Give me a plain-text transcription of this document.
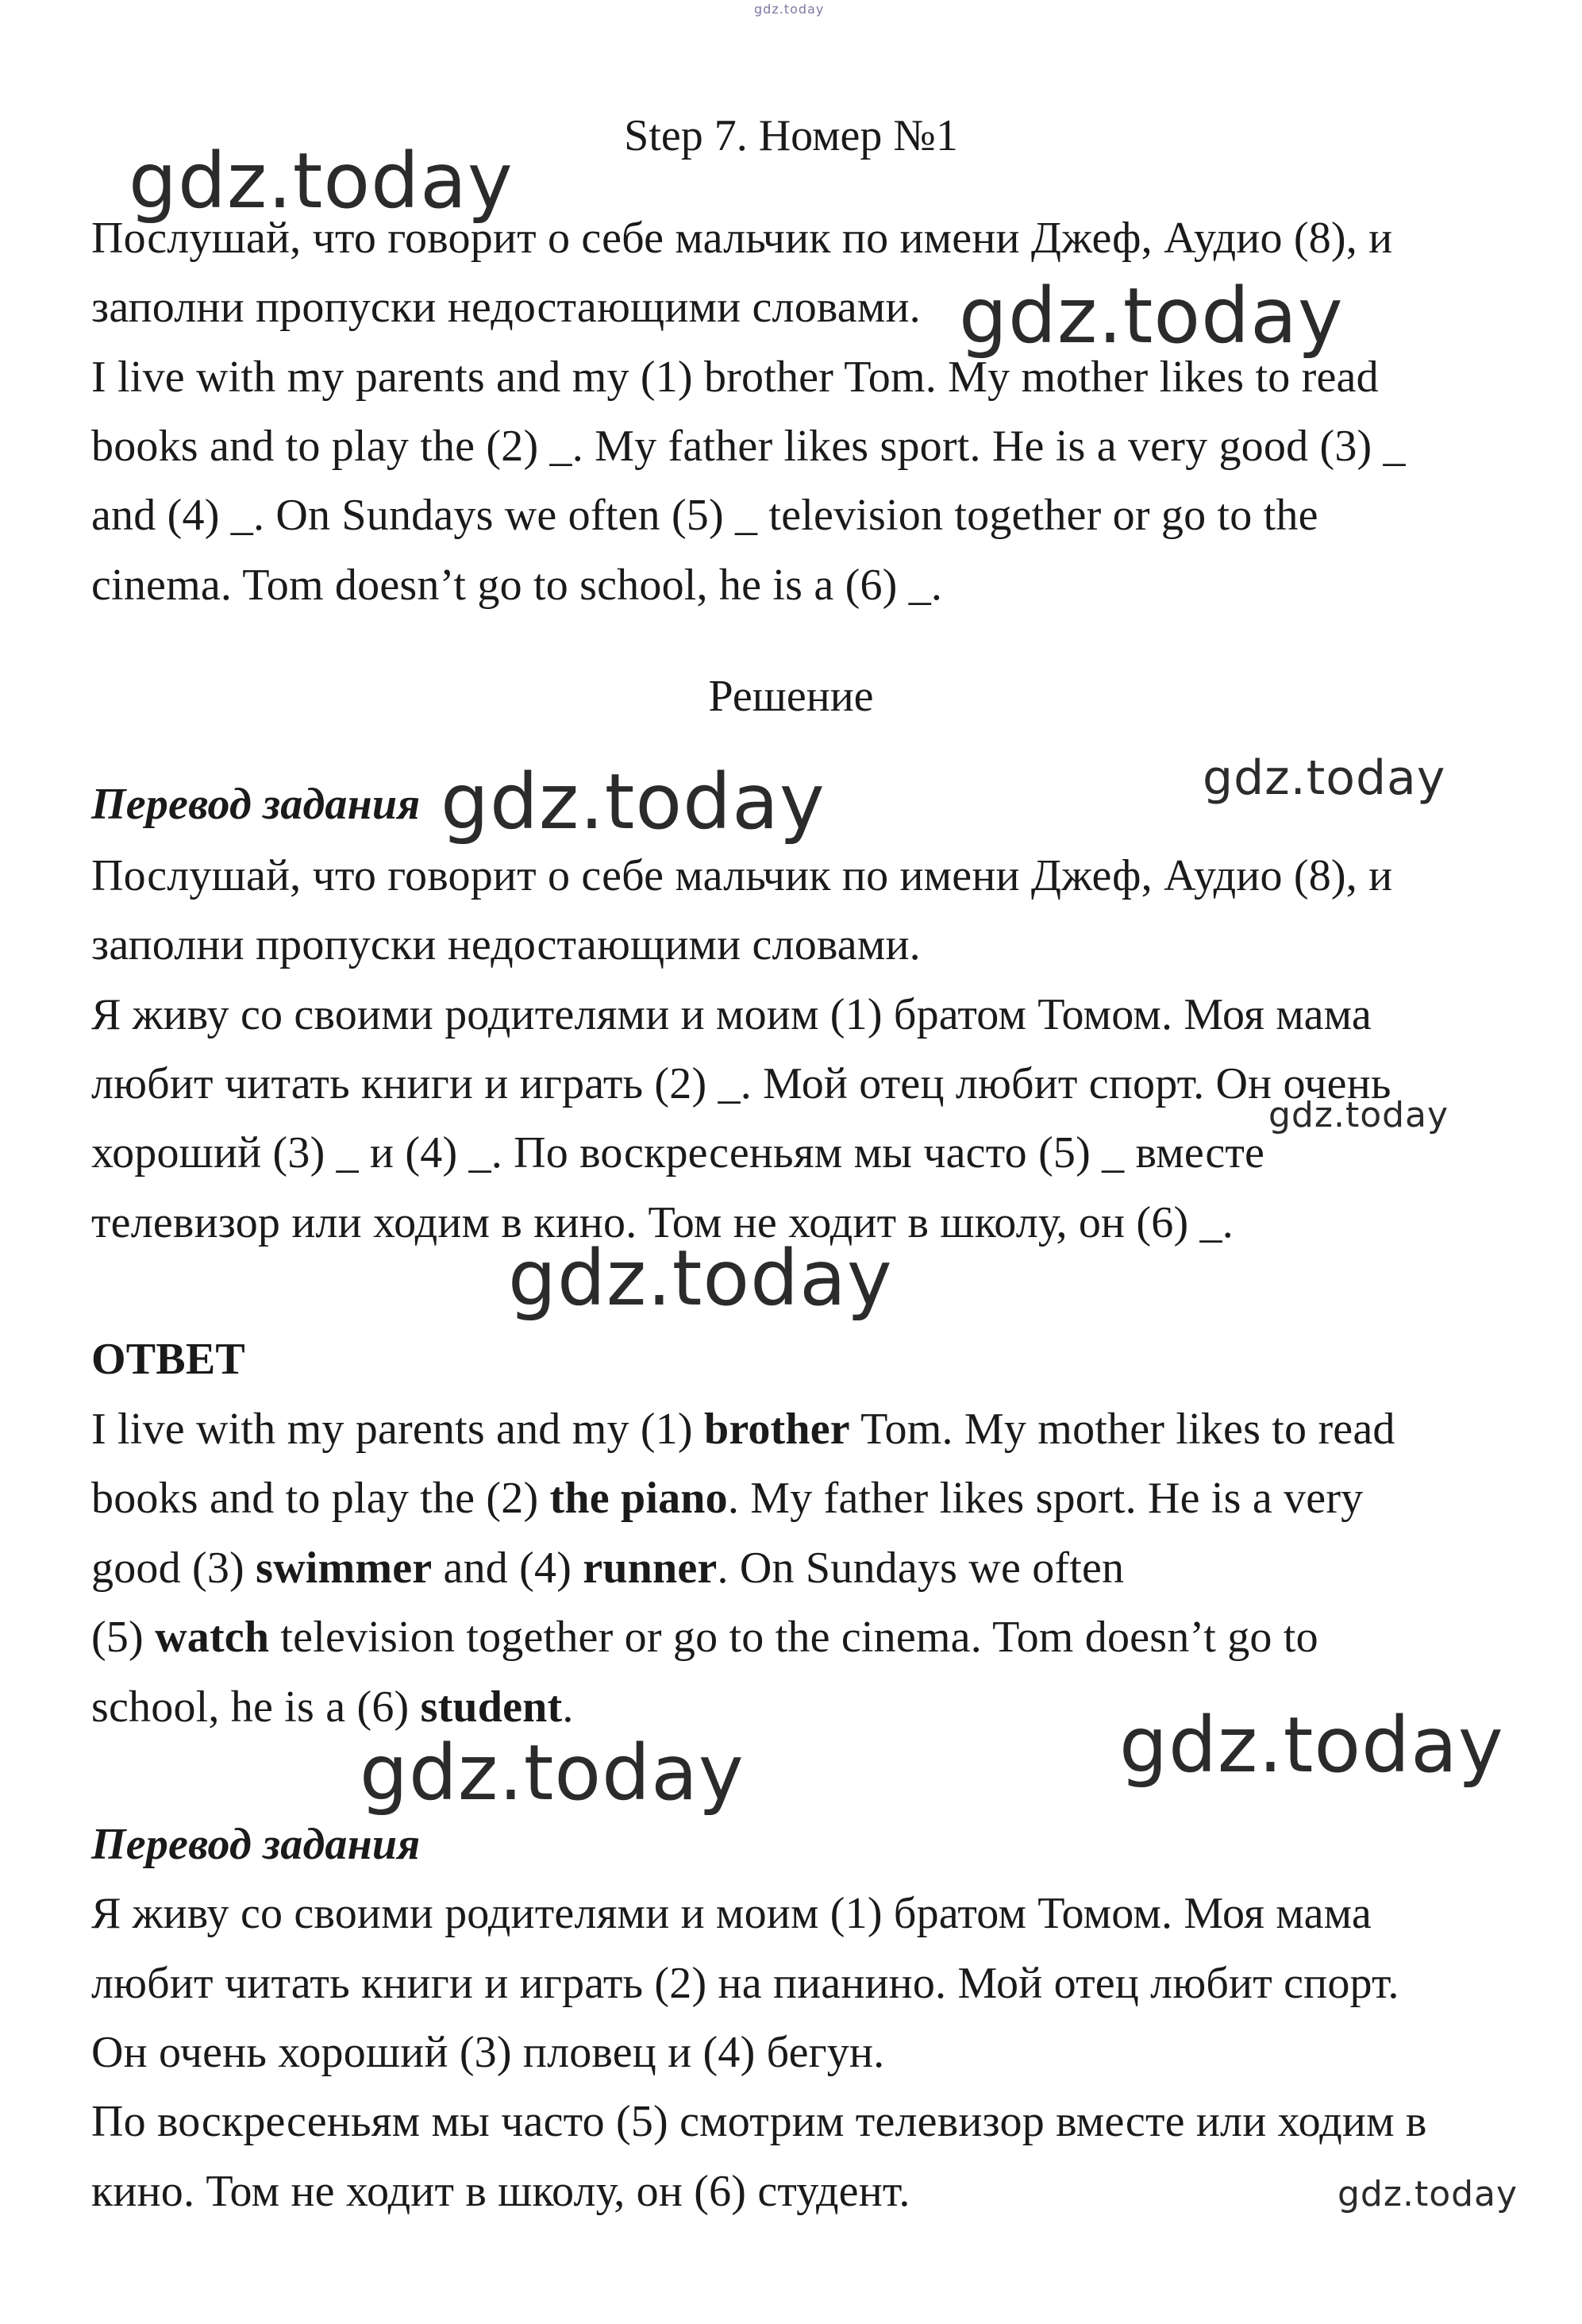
gdz.today
Step 7. Номер №1
gdz.today
gdz.today
gdz.today
gdz.today
gdz.today
gdz.today
gdz.today
gdz.today
gdz.today
Послушай, что говорит о себе мальчик по имени Джеф, Аудио (8), и
заполни пропуски недостающими словами.
I live with my parents and my (1) brother Tom. My mother likes to read
books and to play the (2) _. My father likes sport. He is a very good (3) _
and (4) _. On Sundays we often (5) _ television together or go to the
cinema. Tom doesn’t go to school, he is a (6) _.
Решение
Перевод задания
Послушай, что говорит о себе мальчик по имени Джеф, Аудио (8), и
заполни пропуски недостающими словами.
Я живу со своими родителями и моим (1) братом Томом. Моя мама
любит читать книги и играть (2) _. Мой отец любит спорт. Он очень
хороший (3) _ и (4) _. По воскресеньям мы часто (5) _ вместе
телевизор или ходим в кино. Том не ходит в школу, он (6) _.
ОТВЕТ
I live with my parents and my (1) brother Tom. My mother likes to read
books and to play the (2) the piano. My father likes sport. He is a very
good (3) swimmer and (4) runner. On Sundays we often
(5) watch television together or go to the cinema. Tom doesn’t go to
school, he is a (6) student.
Перевод задания
Я живу со своими родителями и моим (1) братом Томом. Моя мама
любит читать книги и играть (2) на пианино. Мой отец любит спорт.
Он очень хороший (3) пловец и (4) бегун.
По воскресеньям мы часто (5) смотрим телевизор вместе или ходим в
кино. Том не ходит в школу, он (6) студент.
